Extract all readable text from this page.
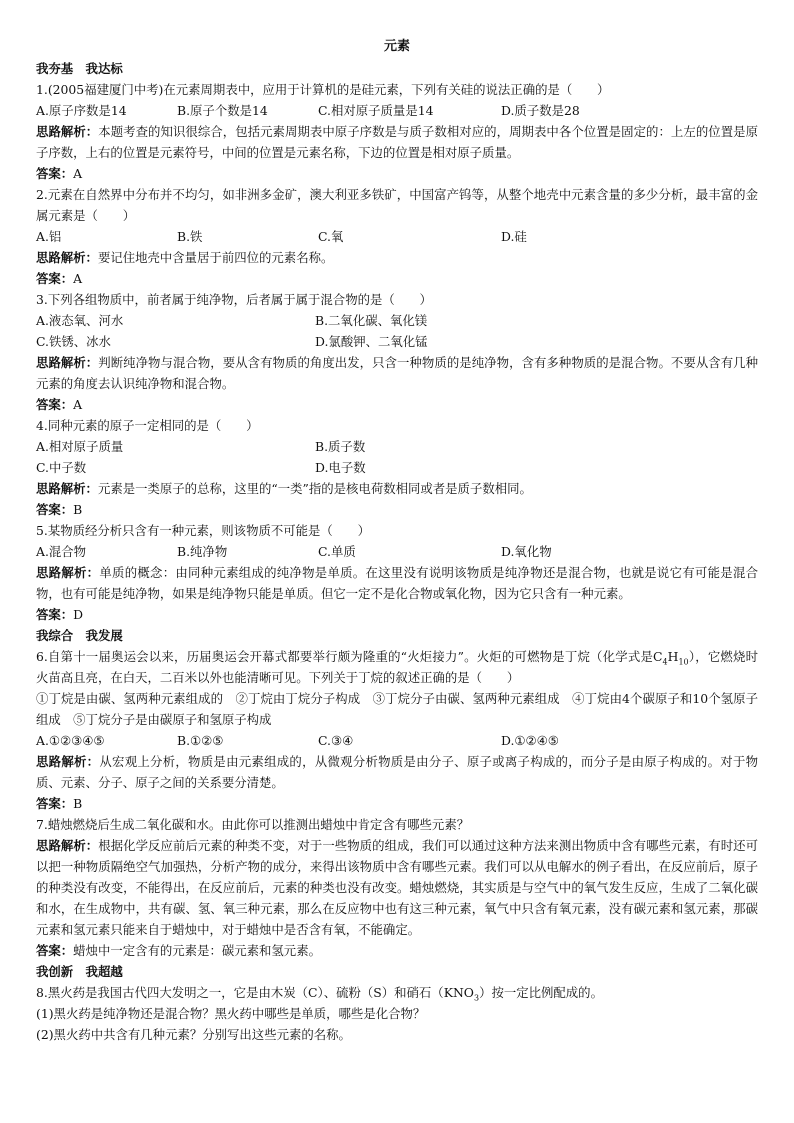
元素
我夯基　我达标
1.(2005福建厦门中考)在元素周期表中，应用于计算机的是硅元素，下列有关硅的说法正确的是（　　）
A.原子序数是14	B.原子个数是14	C.相对原子质量是14	D.质子数是28
思路解析：本题考查的知识很综合，包括元素周期表中原子序数是与质子数相对应的，周期表中各个位置是固定的：上左的位置是原子序数，上右的位置是元素符号，中间的位置是元素名称，下边的位置是相对原子质量。
答案：A
2.元素在自然界中分布并不均匀，如非洲多金矿，澳大利亚多铁矿，中国富产钨等，从整个地壳中元素含量的多少分析，最丰富的金属元素是（　　）
A.铝	B.铁	C.氧	D.硅
思路解析：要记住地壳中含量居于前四位的元素名称。
答案：A
3.下列各组物质中，前者属于纯净物，后者属于属于混合物的是（　　）
A.液态氧、河水	B.二氧化碳、氧化镁
C.铁锈、冰水	D.氯酸钾、二氧化锰
思路解析：判断纯净物与混合物，要从含有物质的角度出发，只含一种物质的是纯净物，含有多种物质的是混合物。不要从含有几种元素的角度去认识纯净物和混合物。
答案：A
4.同种元素的原子一定相同的是（　　）
A.相对原子质量	B.质子数
C.中子数	D.电子数
思路解析：元素是一类原子的总称，这里的“一类”指的是核电荷数相同或者是质子数相同。
答案：B
5.某物质经分析只含有一种元素，则该物质不可能是（　　）
A.混合物	B.纯净物	C.单质	D.氧化物
思路解析：单质的概念：由同种元素组成的纯净物是单质。在这里没有说明该物质是纯净物还是混合物，也就是说它有可能是混合物，也有可能是纯净物，如果是纯净物只能是单质。但它一定不是化合物或氧化物，因为它只含有一种元素。
答案：D
我综合　我发展
6.自第十一届奥运会以来，历届奥运会开幕式都要举行颇为隆重的“火炬接力”。火炬的可燃物是丁烷（化学式是$C_4H_{10}$），它燃烧时火苗高且亮，在白天，二百米以外也能清晰可见。下列关于丁烷的叙述正确的是（　　）
①丁烷是由碳、氢两种元素组成的　②丁烷由丁烷分子构成　③丁烷分子由碳、氢两种元素组成　④丁烷由4个碳原子和10个氢原子组成　⑤丁烷分子是由碳原子和氢原子构成
A.①②③④⑤	B.①②⑤	C.③④	D.①②④⑤
思路解析：从宏观上分析，物质是由元素组成的，从微观分析物质是由分子、原子或离子构成的，而分子是由原子构成的。对于物质、元素、分子、原子之间的关系要分清楚。
答案：B
7.蜡烛燃烧后生成二氧化碳和水。由此你可以推测出蜡烛中肯定含有哪些元素？
思路解析：根据化学反应前后元素的种类不变，对于一些物质的组成，我们可以通过这种方法来测出物质中含有哪些元素，有时还可以把一种物质隔绝空气加强热，分析产物的成分，来得出该物质中含有哪些元素。我们可以从电解水的例子看出，在反应前后，原子的种类没有改变，不能得出，在反应前后，元素的种类也没有改变。蜡烛燃烧，其实质是与空气中的氧气发生反应，生成了二氧化碳和水，在生成物中，共有碳、氢、氧三种元素，那么在反应物中也有这三种元素，氧气中只含有氧元素，没有碳元素和氢元素，那碳元素和氢元素只能来自于蜡烛中，对于蜡烛中是否含有氧，不能确定。
答案：蜡烛中一定含有的元素是：碳元素和氢元素。
我创新　我超越
8.黑火药是我国古代四大发明之一，它是由木炭（C）、硫粉（S）和硝石$(KNO_3)$按一定比例配成的。
(1)黑火药是纯净物还是混合物？黑火药中哪些是单质，哪些是化合物？
(2)黑火药中共含有几种元素？分别写出这些元素的名称。
